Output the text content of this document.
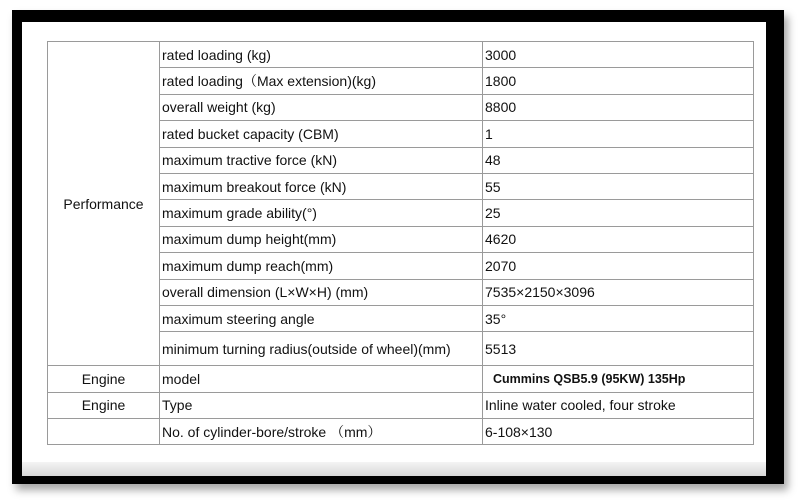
Performance	rated loading (kg)	3000
	rated loading（Max extension)(kg)	1800
	overall weight (kg)	8800
	rated bucket capacity (CBM)	1
	maximum tractive force (kN)	48
	maximum breakout force (kN)	55
	maximum grade ability(°)	25
	maximum dump height(mm)	4620
	maximum dump reach(mm)	2070
	overall dimension (L×W×H) (mm)	7535×2150×3096
	maximum steering angle	35°
	minimum turning radius(outside of wheel)(mm)	5513
Engine	model	Cummins QSB5.9 (95KW) 135Hp
Engine	Type	Inline water cooled, four stroke
	No. of cylinder-bore/stroke （mm）	6-108×130
